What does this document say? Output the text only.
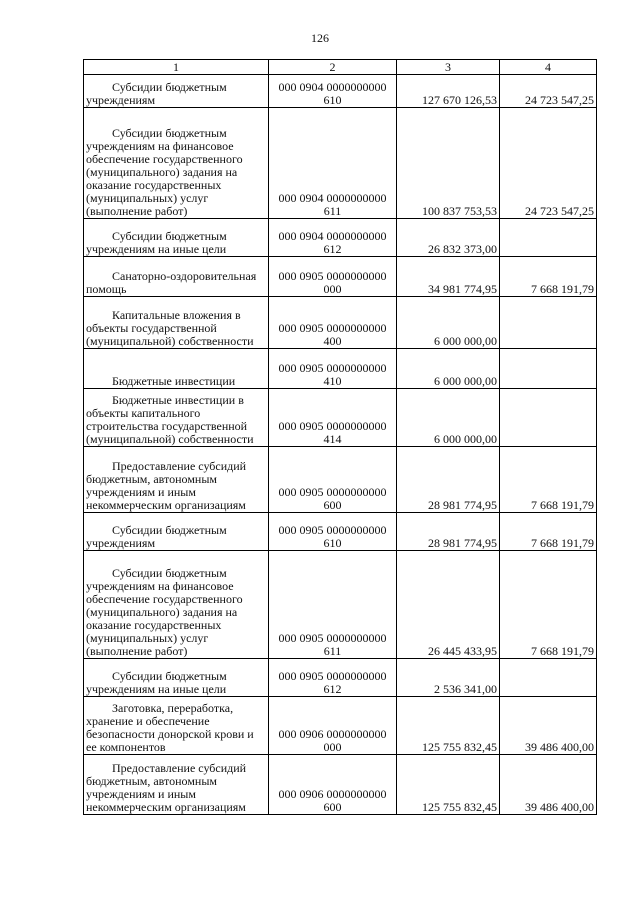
126
1	2	3	4

Субсидии бюджетным учреждениям	000 0904 0000000000 610	127 670 126,53	24 723 547,25

Субсидии бюджетным учреждениям на финансовое обеспечение государственного (муниципального) задания на оказание государственных (муниципальных) услуг (выполнение работ)	000 0904 0000000000 611	100 837 753,53	24 723 547,25

Субсидии бюджетным учреждениям на иные цели	000 0904 0000000000 612	26 832 373,00	

Санаторно-оздоровительная помощь	000 0905 0000000000 000	34 981 774,95	7 668 191,79

Капитальные вложения в объекты государственной (муниципальной) собственности	000 0905 0000000000 400	6 000 000,00	

Бюджетные инвестиции	000 0905 0000000000 410	6 000 000,00	

Бюджетные инвестиции в объекты капитального строительства государственной (муниципальной) собственности	000 0905 0000000000 414	6 000 000,00	

Предоставление субсидий бюджетным, автономным учреждениям и иным некоммерческим организациям	000 0905 0000000000 600	28 981 774,95	7 668 191,79

Субсидии бюджетным учреждениям	000 0905 0000000000 610	28 981 774,95	7 668 191,79

Субсидии бюджетным учреждениям на финансовое обеспечение государственного (муниципального) задания на оказание государственных (муниципальных) услуг (выполнение работ)	000 0905 0000000000 611	26 445 433,95	7 668 191,79

Субсидии бюджетным учреждениям на иные цели	000 0905 0000000000 612	2 536 341,00	

Заготовка, переработка, хранение и обеспечение безопасности донорской крови и ее компонентов	000 0906 0000000000 000	125 755 832,45	39 486 400,00

Предоставление субсидий бюджетным, автономным учреждениям и иным некоммерческим организациям	000 0906 0000000000 600	125 755 832,45	39 486 400,00
